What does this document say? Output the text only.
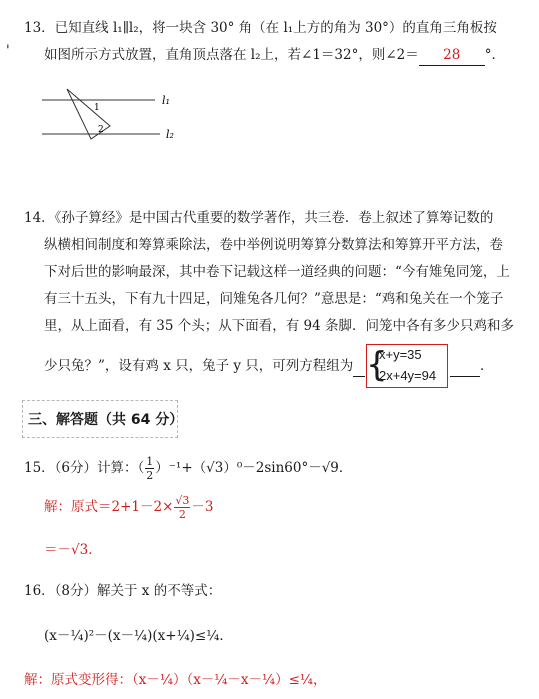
'
13．已知直线 l₁∥l₂，将一块含 30° 角（在 l₁上方的角为 30°）的直角三角板按
如图所示方式放置，直角顶点落在 l₂上，若∠1＝32°，则∠2＝ 28 °．
l₁
l₂
1
2
14．《孙子算经》是中国古代重要的数学著作，共三卷．卷上叙述了算筹记数的
纵横相间制度和筹算乘除法，卷中举例说明筹算分数算法和筹算开平方法，卷
下对后世的影响最深，其中卷下记载这样一道经典的问题：“今有雉兔同笼，上
有三十五头，下有九十四足，问雉兔各几何？”意思是：“鸡和兔关在一个笼子
里，从上面看，有 35 个头；从下面看，有 94 条脚．问笼中各有多少只鸡和多
少只兔？”，设有鸡 x 只，兔子 y 只，可列方程组为 {
x+y=35
2x+4y=94
．
三、解答题（共 64 分）
15．（6分）计算：（ $\frac{1}{2} )^{-1}+(√3)^0-2\sin 60^\circ-√9$．
解：原式$=2+1-2\times \frac{√3}{2} -3$
＝－√3．
16．（8分）解关于 x 的不等式：
(x－¼)²－(x－¼)(x+¼)≤¼．
解：原式变形得：（x－¼）（x－¼－x－¼）≤¼，
